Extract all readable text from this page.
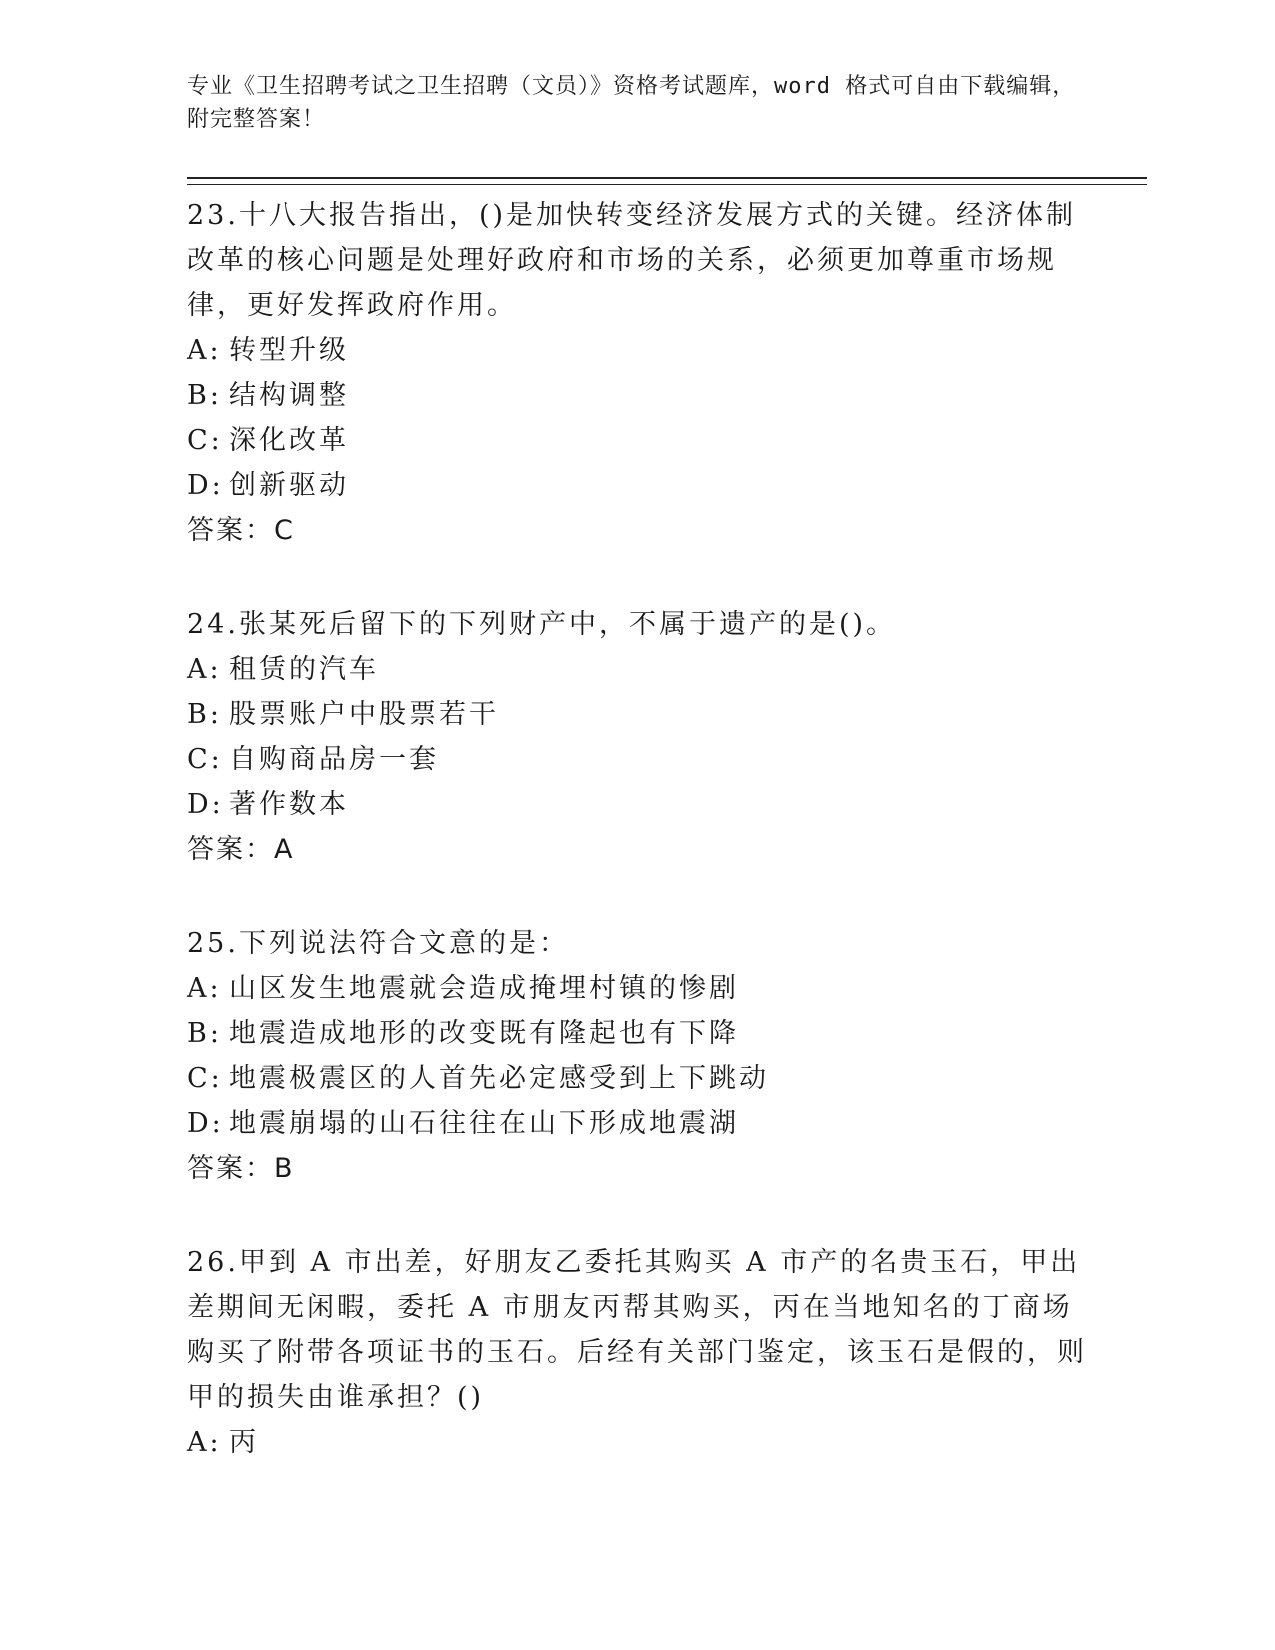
专业《卫生招聘考试之卫生招聘（文员）》资格考试题库，word 格式可自由下载编辑，附完整答案！

23.十八大报告指出，()是加快转变经济发展方式的关键。经济体制改革的核心问题是处理好政府和市场的关系，必须更加尊重市场规律，更好发挥政府作用。

A: 转型升级

B: 结构调整

C: 深化改革

D: 创新驱动

答案：C

24.张某死后留下的下列财产中，不属于遗产的是()。

A: 租赁的汽车

B: 股票账户中股票若干

C: 自购商品房一套

D: 著作数本

答案：A

25.下列说法符合文意的是：

A: 山区发生地震就会造成掩埋村镇的惨剧

B: 地震造成地形的改变既有隆起也有下降

C: 地震极震区的人首先必定感受到上下跳动

D: 地震崩塌的山石往往在山下形成地震湖

答案：B

26.甲到 A 市出差，好朋友乙委托其购买 A 市产的名贵玉石，甲出差期间无闲暇，委托 A 市朋友丙帮其购买，丙在当地知名的丁商场购买了附带各项证书的玉石。后经有关部门鉴定，该玉石是假的，则甲的损失由谁承担？()

A: 丙
